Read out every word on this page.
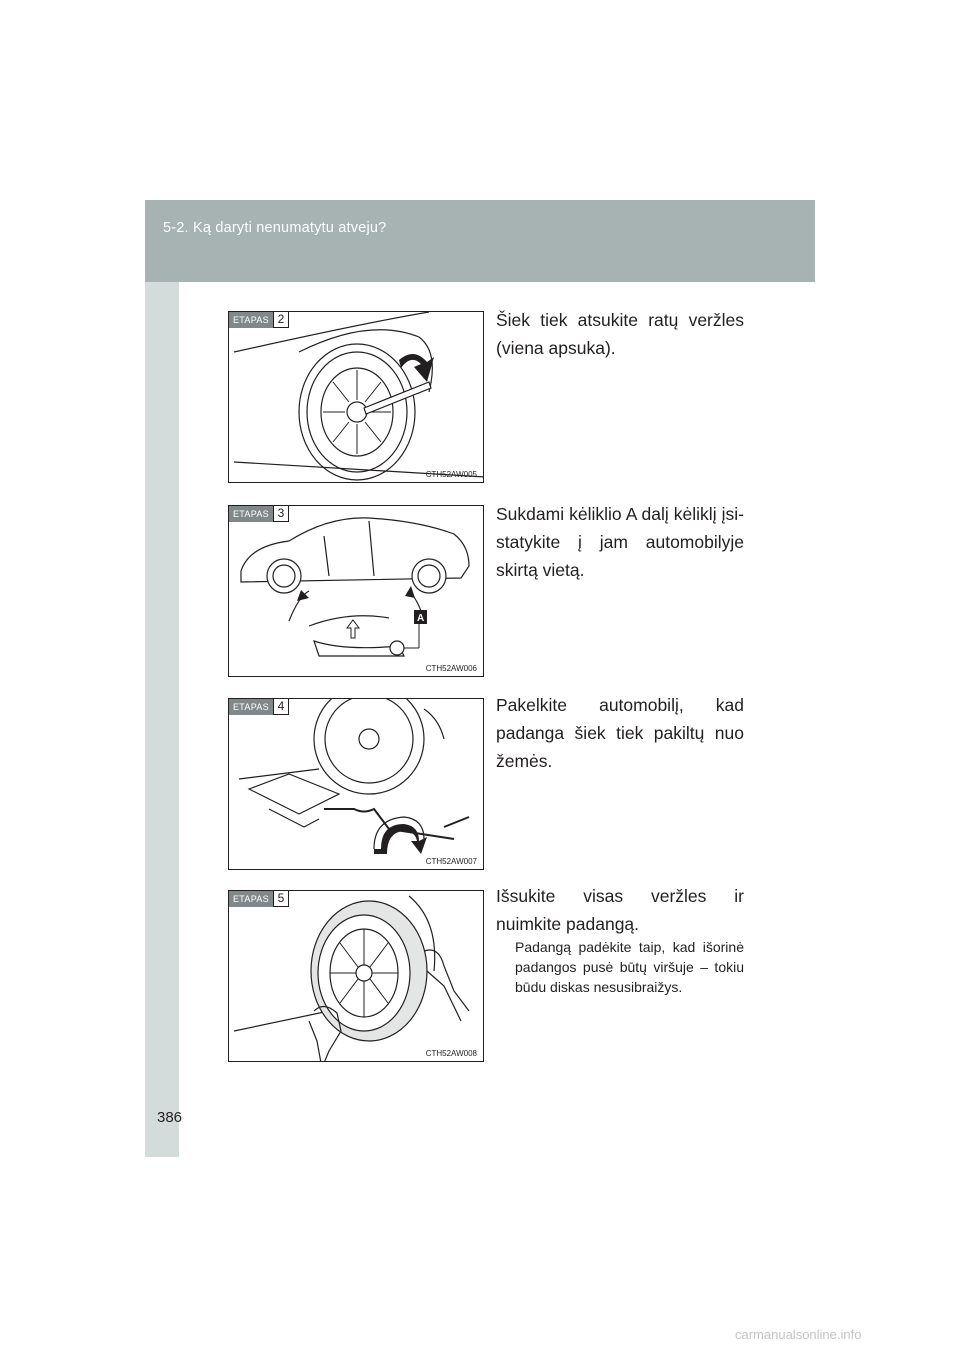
5-2. Ką daryti nenumatytu atveju?
ETAPAS 2
CTH52AW005
Šiek tiek atsukite ratų veržles (viena apsuka).
ETAPAS 3
A
CTH52AW006
Sukdami kėliklio A dalį kėliklį įsistatykite į jam automobilyje skirtą vietą.
ETAPAS 4
CTH52AW007
Pakelkite automobilį, kad padanga šiek tiek pakiltų nuo žemės.
ETAPAS 5
CTH52AW008
Išsukite visas veržles ir nuimkite padangą.
Padangą padėkite taip, kad išorinė padangos pusė būtų viršuje – tokiu būdu diskas nesusibraižys.
386
carmanualsonline.info
